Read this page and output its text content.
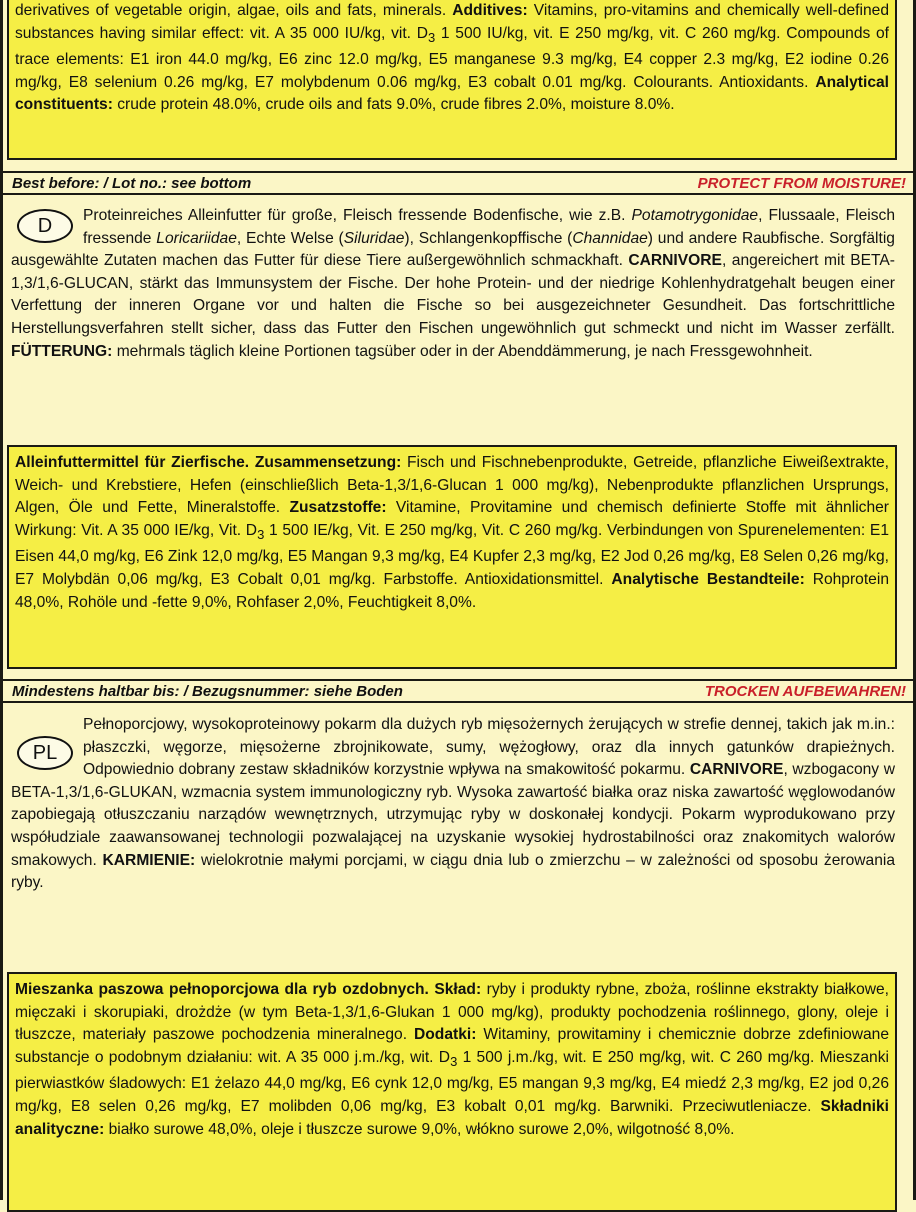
derivatives of vegetable origin, algae, oils and fats, minerals. Additives: Vitamins, pro-vitamins and chemically well-defined substances having similar effect: vit. A 35 000 IU/kg, vit. $D_3$ 1 500 IU/kg, vit. E 250 mg/kg, vit. C 260 mg/kg. Compounds of trace elements: E1 iron 44.0 mg/kg, E6 zinc 12.0 mg/kg, E5 manganese 9.3 mg/kg, E4 copper 2.3 mg/kg, E2 iodine 0.26 mg/kg, E8 selenium 0.26 mg/kg, E7 molybdenum 0.06 mg/kg, E3 cobalt 0.01 mg/kg. Colourants. Antioxidants. Analytical constituents: crude protein 48.0%, crude oils and fats 9.0%, crude fibres 2.0%, moisture 8.0%.
Best before: / Lot no.: see bottom	PROTECT FROM MOISTURE!
D	Proteinreiches Alleinfutter für große, Fleisch fressende Bodenfische, wie z.B. Potamotrygonidae, Flussaale, Fleisch fressende Loricariidae, Echte Welse (Siluridae), Schlangenkopffische (Channidae) und andere Raubfische. Sorgfältig ausgewählte Zutaten machen das Futter für diese Tiere außergewöhnlich schmackhaft. CARNIVORE, angereichert mit BETA-1,3/1,6-GLUCAN, stärkt das Immunsystem der Fische. Der hohe Protein- und der niedrige Kohlenhydratgehalt beugen einer Verfettung der inneren Organe vor und halten die Fische so bei ausgezeichneter Gesundheit. Das fortschrittliche Herstellungsverfahren stellt sicher, dass das Futter den Fischen ungewöhnlich gut schmeckt und nicht im Wasser zerfällt. FÜTTERUNG: mehrmals täglich kleine Portionen tagsüber oder in der Abenddämmerung, je nach Fressgewohnheit.
Alleinfuttermittel für Zierfische. Zusammensetzung: Fisch und Fischnebenprodukte, Getreide, pflanzliche Eiweißextrakte, Weich- und Krebstiere, Hefen (einschließlich Beta-1,3/1,6-Glucan 1 000 mg/kg), Nebenprodukte pflanzlichen Ursprungs, Algen, Öle und Fette, Mineralstoffe. Zusatzstoffe: Vitamine, Provitamine und chemisch definierte Stoffe mit ähnlicher Wirkung: Vit. A 35 000 IE/kg, Vit. $D_3$ 1 500 IE/kg, Vit. E 250 mg/kg, Vit. C 260 mg/kg. Verbindungen von Spurenelementen: E1 Eisen 44,0 mg/kg, E6 Zink 12,0 mg/kg, E5 Mangan 9,3 mg/kg, E4 Kupfer 2,3 mg/kg, E2 Jod 0,26 mg/kg, E8 Selen 0,26 mg/kg, E7 Molybdän 0,06 mg/kg, E3 Cobalt 0,01 mg/kg. Farbstoffe. Antioxidationsmittel. Analytische Bestandteile: Rohprotein 48,0%, Rohöle und -fette 9,0%, Rohfaser 2,0%, Feuchtigkeit 8,0%.
Mindestens haltbar bis: / Bezugsnummer: siehe Boden	TROCKEN AUFBEWAHREN!
PL
Pełnoporcjowy, wysokoproteinowy pokarm dla dużych ryb mięsożernych żerujących w strefie dennej, takich jak m.in.: płaszczki, węgorze, mięsożerne zbrojnikowate, sumy, wężogłowy, oraz dla innych gatunków drapieżnych. Odpowiednio dobrany zestaw składników korzystnie wpływa na smakowitość pokarmu. CARNIVORE, wzbogacony w BETA-1,3/1,6-GLUKAN, wzmacnia system immunologiczny ryb. Wysoka zawartość białka oraz niska zawartość węglowodanów zapobiegają otłuszczaniu narządów wewnętrznych, utrzymując ryby w doskonałej kondycji. Pokarm wyprodukowano przy współudziale zaawansowanej technologii pozwalającej na uzyskanie wysokiej hydrostabilności oraz znakomitych walorów smakowych. KARMIENIE: wielokrotnie małymi porcjami, w ciągu dnia lub o zmierzchu – w zależności od sposobu żerowania ryby.
Mieszanka paszowa pełnoporcjowa dla ryb ozdobnych. Skład: ryby i produkty rybne, zboża, roślinne ekstrakty białkowe, mięczaki i skorupiaki, drożdże (w tym Beta-1,3/1,6-Glukan 1 000 mg/kg), produkty pochodzenia roślinnego, glony, oleje i tłuszcze, materiały paszowe pochodzenia mineralnego. Dodatki: Witaminy, prowitaminy i chemicznie dobrze zdefiniowane substancje o podobnym działaniu: wit. A 35 000 j.m./kg, wit. $D_3$ 1 500 j.m./kg, wit. E 250 mg/kg, wit. C 260 mg/kg. Mieszanki pierwiastków śladowych: E1 żelazo 44,0 mg/kg, E6 cynk 12,0 mg/kg, E5 mangan 9,3 mg/kg, E4 miedź 2,3 mg/kg, E2 jod 0,26 mg/kg, E8 selen 0,26 mg/kg, E7 molibden 0,06 mg/kg, E3 kobalt 0,01 mg/kg. Barwniki. Przeciwutleniacze. Składniki analityczne: białko surowe 48,0%, oleje i tłuszcze surowe 9,0%, włókno surowe 2,0%, wilgotność 8,0%.
